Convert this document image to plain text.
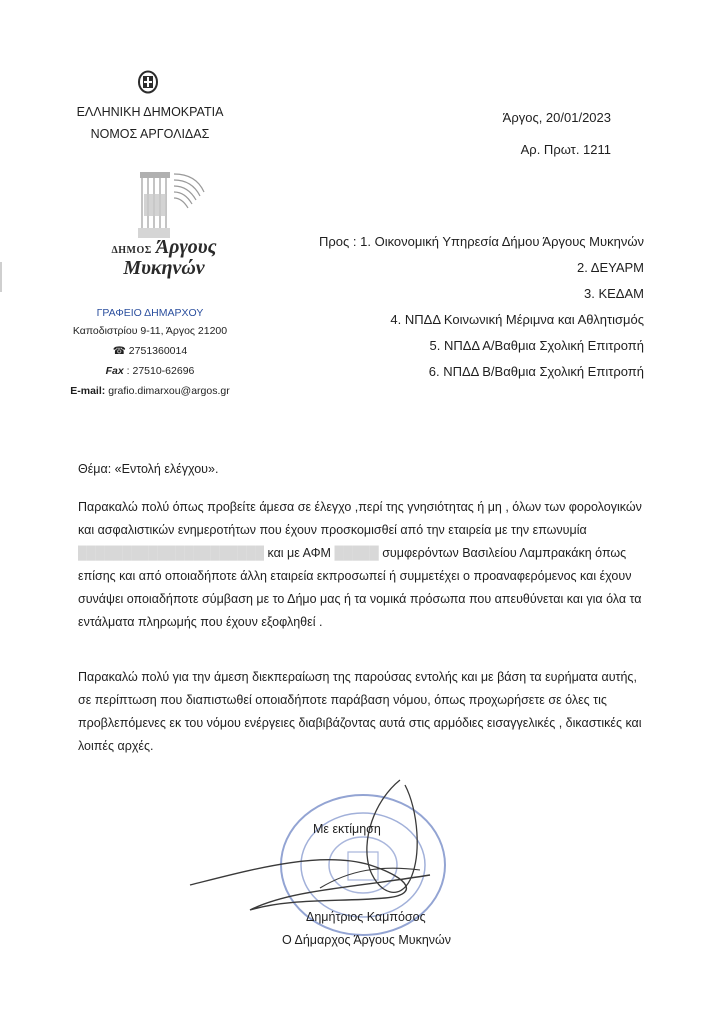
ΕΛΛΗΝΙΚΗ ΔΗΜΟΚΡΑΤΙΑ
ΝΟΜΟΣ ΑΡΓΟΛΙΔΑΣ
ΔΗΜΟΣ Άργους
Μυκηνών
ΓΡΑΦΕΙΟ ΔΗΜΑΡΧΟΥ
Καποδιστρίου 9-11, Άργος 21200
☎ 2751360014
Fax : 27510-62696
E-mail: grafio.dimarxou@argos.gr
Άργος, 20/01/2023
Αρ. Πρωτ. 1211
Προς : 1. Οικονομική Υπηρεσία Δήμου Άργους Μυκηνών
2. ΔΕΥΑΡΜ
3. ΚΕΔΑΜ
4. ΝΠΔΔ Κοινωνική Μέριμνα και Αθλητισμός
5. ΝΠΔΔ Α/Βαθμια Σχολική Επιτροπή
6. ΝΠΔΔ Β/Βαθμια Σχολική Επιτροπή
Θέμα: «Εντολή ελέγχου».

Παρακαλώ πολύ όπως προβείτε άμεσα σε έλεγχο ,περί της γνησιότητας ή μη , όλων των φορολογικών και ασφαλιστικών ενημεροτήτων που έχουν προσκομισθεί από την εταιρεία με την επωνυμία █████████████████████ και με ΑΦΜ █████ συμφερόντων Βασιλείου Λαμπρακάκη όπως επίσης και από οποιαδήποτε άλλη εταιρεία εκπροσωπεί ή συμμετέχει ο προαναφερόμενος και έχουν συνάψει οποιαδήποτε σύμβαση με το Δήμο μας ή τα νομικά πρόσωπα που απευθύνεται και για όλα τα εντάλματα πληρωμής που έχουν εξοφληθεί .

Παρακαλώ πολύ για την άμεση διεκπεραίωση της παρούσας εντολής και με βάση τα ευρήματα αυτής, σε περίπτωση που διαπιστωθεί οποιαδήποτε παράβαση νόμου, όπως προχωρήσετε σε όλες τις προβλεπόμενες εκ του νόμου ενέργειες διαβιβάζοντας αυτά στις αρμόδιες εισαγγελικές , δικαστικές και λοιπές αρχές.

Με εκτίμηση
Δημήτριος Καμπόσος
Ο Δήμαρχος Άργους Μυκηνών
